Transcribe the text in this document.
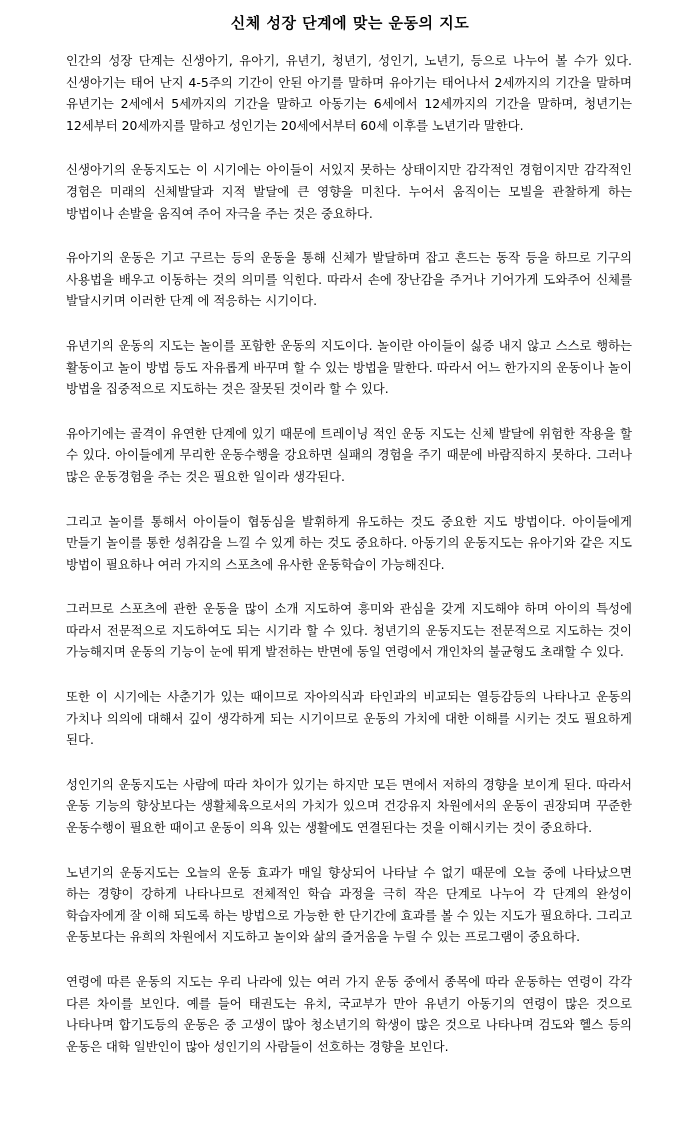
신체 성장 단계에 맞는 운동의 지도

인간의 성장 단계는 신생아기, 유아기, 유년기, 청년기, 성인기, 노년기, 등으로 나누어 볼 수가 있다. 신생아기는 태어 난지 4-5주의 기간이 안된 아기를 말하며 유아기는 태어나서 2세까지의 기간을 말하며 유년기는 2세에서 5세까지의 기간을 말하고 아동기는 6세에서 12세까지의 기간을 말하며, 청년기는 12세부터 20세까지를 말하고 성인기는 20세에서부터 60세 이후를 노년기라 말한다.

신생아기의 운동지도는 이 시기에는 아이들이 서있지 못하는 상태이지만 감각적인 경험이지만 감각적인 경험은 미래의 신체발달과 지적 발달에 큰 영향을 미친다. 누어서 움직이는 모빌을 관찰하게 하는 방법이나 손발을 움직여 주어 자극을 주는 것은 중요하다.

유아기의 운동은 기고 구르는 등의 운동을 통해 신체가 발달하며 잡고 흔드는 동작 등을 하므로 기구의 사용법을 배우고 이동하는 것의 의미를 익힌다. 따라서 손에 장난감을 주거나 기어가게 도와주어 신체를 발달시키며 이러한 단계 에 적응하는 시기이다.

유년기의 운동의 지도는 놀이를 포함한 운동의 지도이다. 놀이란 아이들이 싫증 내지 않고 스스로 행하는 활동이고 놀이 방법 등도 자유롭게 바꾸며 할 수 있는 방법을 말한다. 따라서 어느 한가지의 운동이나 놀이 방법을 집중적으로 지도하는 것은 잘못된 것이라 할 수 있다.

유아기에는 골격이 유연한 단계에 있기 때문에 트레이닝 적인 운동 지도는 신체 발달에 위험한 작용을 할 수 있다. 아이들에게 무리한 운동수행을 강요하면 실패의 경험을 주기 때문에 바람직하지 못하다. 그러나 많은 운동경험을 주는 것은 필요한 일이라 생각된다.

그리고 놀이를 통해서 아이들이 협동심을 발휘하게 유도하는 것도 중요한 지도 방법이다. 아이들에게 만들기 놀이를 통한 성취감을 느낄 수 있게 하는 것도 중요하다. 아동기의 운동지도는 유아기와 같은 지도 방법이 필요하나 여러 가지의 스포츠에 유사한 운동학습이 가능해진다.

그러므로 스포츠에 관한 운동을 많이 소개 지도하여 흥미와 관심을 갖게 지도해야 하며 아이의 특성에 따라서 전문적으로 지도하여도 되는 시기라 할 수 있다. 청년기의 운동지도는 전문적으로 지도하는 것이 가능해지며 운동의 기능이 눈에 뛰게 발전하는 반면에 동일 연령에서 개인차의 불균형도 초래할 수 있다.

또한 이 시기에는 사춘기가 있는 때이므로 자아의식과 타인과의 비교되는 열등감등의 나타나고 운동의 가치나 의의에 대해서 깊이 생각하게 되는 시기이므로 운동의 가치에 대한 이해를 시키는 것도 필요하게 된다.

성인기의 운동지도는 사람에 따라 차이가 있기는 하지만 모든 면에서 저하의 경향을 보이게 된다. 따라서 운동 기능의 향상보다는 생활체육으로서의 가치가 있으며 건강유지 차원에서의 운동이 권장되며 꾸준한 운동수행이 필요한 때이고 운동이 의욕 있는 생활에도 연결된다는 것을 이해시키는 것이 중요하다.

노년기의 운동지도는 오늘의 운동 효과가 매일 향상되어 나타날 수 없기 때문에 오늘 중에 나타났으면 하는 경향이 강하게 나타나므로 전체적인 학습 과정을 극히 작은 단계로 나누어 각 단계의 완성이 학습자에게 잘 이해 되도록 하는 방법으로 가능한 한 단기간에 효과를 볼 수 있는 지도가 필요하다. 그리고 운동보다는 유희의 차원에서 지도하고 놀이와 삶의 즐거움을 누릴 수 있는 프로그램이 중요하다.

연령에 따른 운동의 지도는 우리 나라에 있는 여러 가지 운동 중에서 종목에 따라 운동하는 연령이 각각 다른 차이를 보인다. 예를 들어 태권도는 유치, 국교부가 만아 유년기 아동기의 연령이 많은 것으로 나타나며 합기도등의 운동은 중 고생이 많아 청소년기의 학생이 많은 것으로 나타나며 검도와 헬스 등의 운동은 대학 일반인이 많아 성인기의 사람들이 선호하는 경향을 보인다.
